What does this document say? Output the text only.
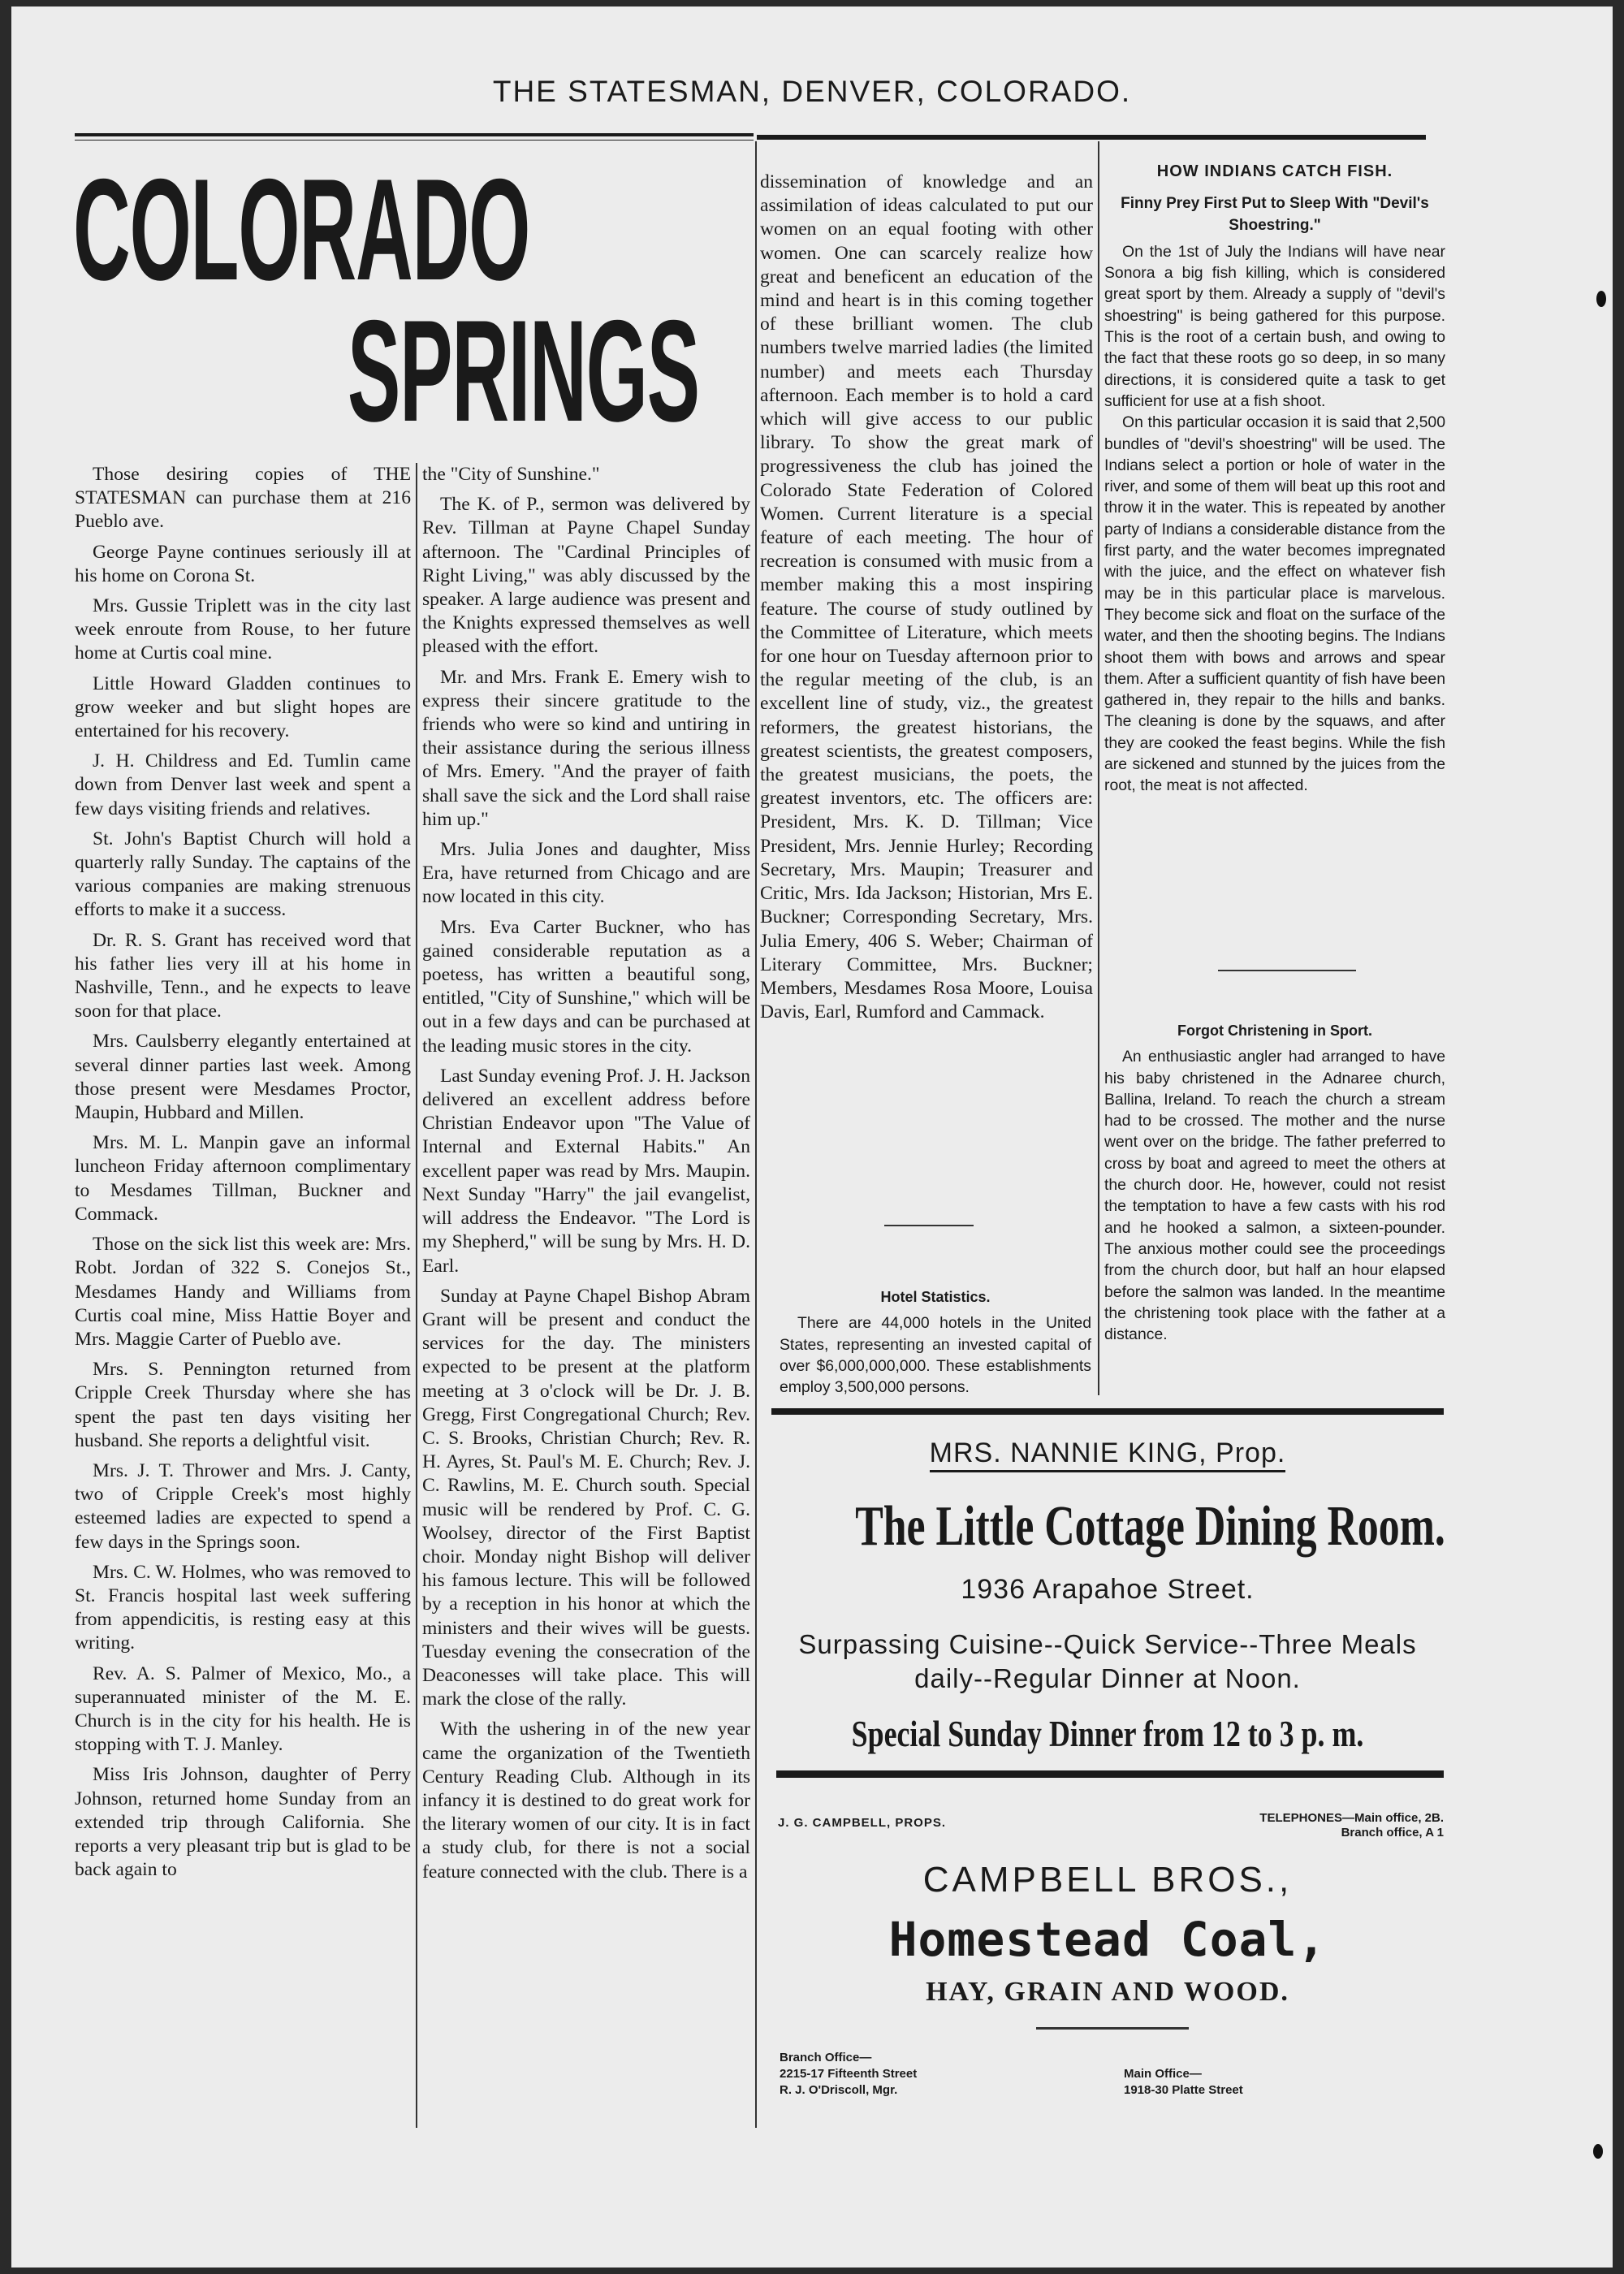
THE STATESMAN, DENVER, COLORADO.
COLORADO
SPRINGS

Those desiring copies of THE STATESMAN can purchase them at 216 Pueblo ave.

George Payne continues seriously ill at his home on Corona St.

Mrs. Gussie Triplett was in the city last week enroute from Rouse, to her future home at Curtis coal mine.

Little Howard Gladden continues to grow weeker and but slight hopes are entertained for his recovery.

J. H. Childress and Ed. Tumlin came down from Denver last week and spent a few days visiting friends and relatives.

St. John's Baptist Church will hold a quarterly rally Sunday. The captains of the various companies are making strenuous efforts to make it a success.

Dr. R. S. Grant has received word that his father lies very ill at his home in Nashville, Tenn., and he expects to leave soon for that place.

Mrs. Caulsberry elegantly entertained at several dinner parties last week. Among those present were Mesdames Proctor, Maupin, Hubbard and Millen.

Mrs. M. L. Manpin gave an informal luncheon Friday afternoon complimentary to Mesdames Tillman, Buckner and Commack.

Those on the sick list this week are: Mrs. Robt. Jordan of 322 S. Conejos St., Mesdames Handy and Williams from Curtis coal mine, Miss Hattie Boyer and Mrs. Maggie Carter of Pueblo ave.

Mrs. S. Pennington returned from Cripple Creek Thursday where she has spent the past ten days visiting her husband. She reports a delightful visit.

Mrs. J. T. Thrower and Mrs. J. Canty, two of Cripple Creek's most highly esteemed ladies are expected to spend a few days in the Springs soon.

Mrs. C. W. Holmes, who was removed to St. Francis hospital last week suffering from appendicitis, is resting easy at this writing.

Rev. A. S. Palmer of Mexico, Mo., a superannuated minister of the M. E. Church is in the city for his health. He is stopping with T. J. Manley.

Miss Iris Johnson, daughter of Perry Johnson, returned home Sunday from an extended trip through California. She reports a very pleasant trip but is glad to be back again to

the "City of Sunshine."

The K. of P., sermon was delivered by Rev. Tillman at Payne Chapel Sunday afternoon. The "Cardinal Principles of Right Living," was ably discussed by the speaker. A large audience was present and the Knights expressed themselves as well pleased with the effort.

Mr. and Mrs. Frank E. Emery wish to express their sincere gratitude to the friends who were so kind and untiring in their assistance during the serious illness of Mrs. Emery. "And the prayer of faith shall save the sick and the Lord shall raise him up."

Mrs. Julia Jones and daughter, Miss Era, have returned from Chicago and are now located in this city.

Mrs. Eva Carter Buckner, who has gained considerable reputation as a poetess, has written a beautiful song, entitled, "City of Sunshine," which will be out in a few days and can be purchased at the leading music stores in the city.

Last Sunday evening Prof. J. H. Jackson delivered an excellent address before Christian Endeavor upon "The Value of Internal and External Habits." An excellent paper was read by Mrs. Maupin. Next Sunday "Harry" the jail evangelist, will address the Endeavor. "The Lord is my Shepherd," will be sung by Mrs. H. D. Earl.

Sunday at Payne Chapel Bishop Abram Grant will be present and conduct the services for the day. The ministers expected to be present at the platform meeting at 3 o'clock will be Dr. J. B. Gregg, First Congregational Church; Rev. C. S. Brooks, Christian Church; Rev. R. H. Ayres, St. Paul's M. E. Church; Rev. J. C. Rawlins, M. E. Church south. Special music will be rendered by Prof. C. G. Woolsey, director of the First Baptist choir. Monday night Bishop will deliver his famous lecture. This will be followed by a reception in his honor at which the ministers and their wives will be guests. Tuesday evening the consecration of the Deaconesses will take place. This will mark the close of the rally.

With the ushering in of the new year came the organization of the Twentieth Century Reading Club. Although in its infancy it is destined to do great work for the literary women of our city. It is in fact a study club, for there is not a social feature connected with the club. There is a

dissemination of knowledge and an assimilation of ideas calculated to put our women on an equal footing with other women. One can scarcely realize how great and beneficent an education of the mind and heart is in this coming together of these brilliant women. The club numbers twelve married ladies (the limited number) and meets each Thursday afternoon. Each member is to hold a card which will give access to our public library. To show the great mark of progressiveness the club has joined the Colorado State Federation of Colored Women. Current literature is a special feature of each meeting. The hour of recreation is consumed with music from a member making this a most inspiring feature. The course of study outlined by the Committee of Literature, which meets for one hour on Tuesday afternoon prior to the regular meeting of the club, is an excellent line of study, viz., the greatest reformers, the greatest historians, the greatest scientists, the greatest composers, the greatest musicians, the poets, the greatest inventors, etc. The officers are: President, Mrs. K. D. Tillman; Vice President, Mrs. Jennie Hurley; Recording Secretary, Mrs. Maupin; Treasurer and Critic, Mrs. Ida Jackson; Historian, Mrs E. Buckner; Corresponding Secretary, Mrs. Julia Emery, 406 S. Weber; Chairman of Literary Committee, Mrs. Buckner; Members, Mesdames Rosa Moore, Louisa Davis, Earl, Rumford and Cammack.

Hotel Statistics.

There are 44,000 hotels in the United States, representing an invested capital of over $6,000,000,000. These establishments employ 3,500,000 persons.

HOW INDIANS CATCH FISH.
Finny Prey First Put to Sleep With "Devil's Shoestring."

On the 1st of July the Indians will have near Sonora a big fish killing, which is considered great sport by them. Already a supply of "devil's shoestring" is being gathered for this purpose. This is the root of a certain bush, and owing to the fact that these roots go so deep, in so many directions, it is considered quite a task to get sufficient for use at a fish shoot.

On this particular occasion it is said that 2,500 bundles of "devil's shoestring" will be used. The Indians select a portion or hole of water in the river, and some of them will beat up this root and throw it in the water. This is repeated by another party of Indians a considerable distance from the first party, and the water becomes impregnated with the juice, and the effect on whatever fish may be in this particular place is marvelous. They become sick and float on the surface of the water, and then the shooting begins. The Indians shoot them with bows and arrows and spear them. After a sufficient quantity of fish have been gathered in, they repair to the hills and banks. The cleaning is done by the squaws, and after they are cooked the feast begins. While the fish are sickened and stunned by the juices from the root, the meat is not affected.

Forgot Christening in Sport.

An enthusiastic angler had arranged to have his baby christened in the Adnaree church, Ballina, Ireland. To reach the church a stream had to be crossed. The mother and the nurse went over on the bridge. The father preferred to cross by boat and agreed to meet the others at the church door. He, however, could not resist the temptation to have a few casts with his rod and he hooked a salmon, a sixteen-pounder. The anxious mother could see the proceedings from the church door, but half an hour elapsed before the salmon was landed. In the meantime the christening took place with the father at a distance.

MRS. NANNIE KING, Prop.
The Little Cottage Dining Room.
1936 Arapahoe Street.
Surpassing Cuisine--Quick Service--Three Meals daily--Regular Dinner at Noon.
Special Sunday Dinner from 12 to 3 p. m.
J. G. CAMPBELL, PROPS.	TELEPHONES—Main office, 2B.
Branch office, A 1
CAMPBELL BROS.,
Homestead Coal,
HAY, GRAIN AND WOOD.
Branch Office—
2215-17 Fifteenth Street
R. J. O'Driscoll, Mgr.
Main Office—
1918-30 Platte Street
